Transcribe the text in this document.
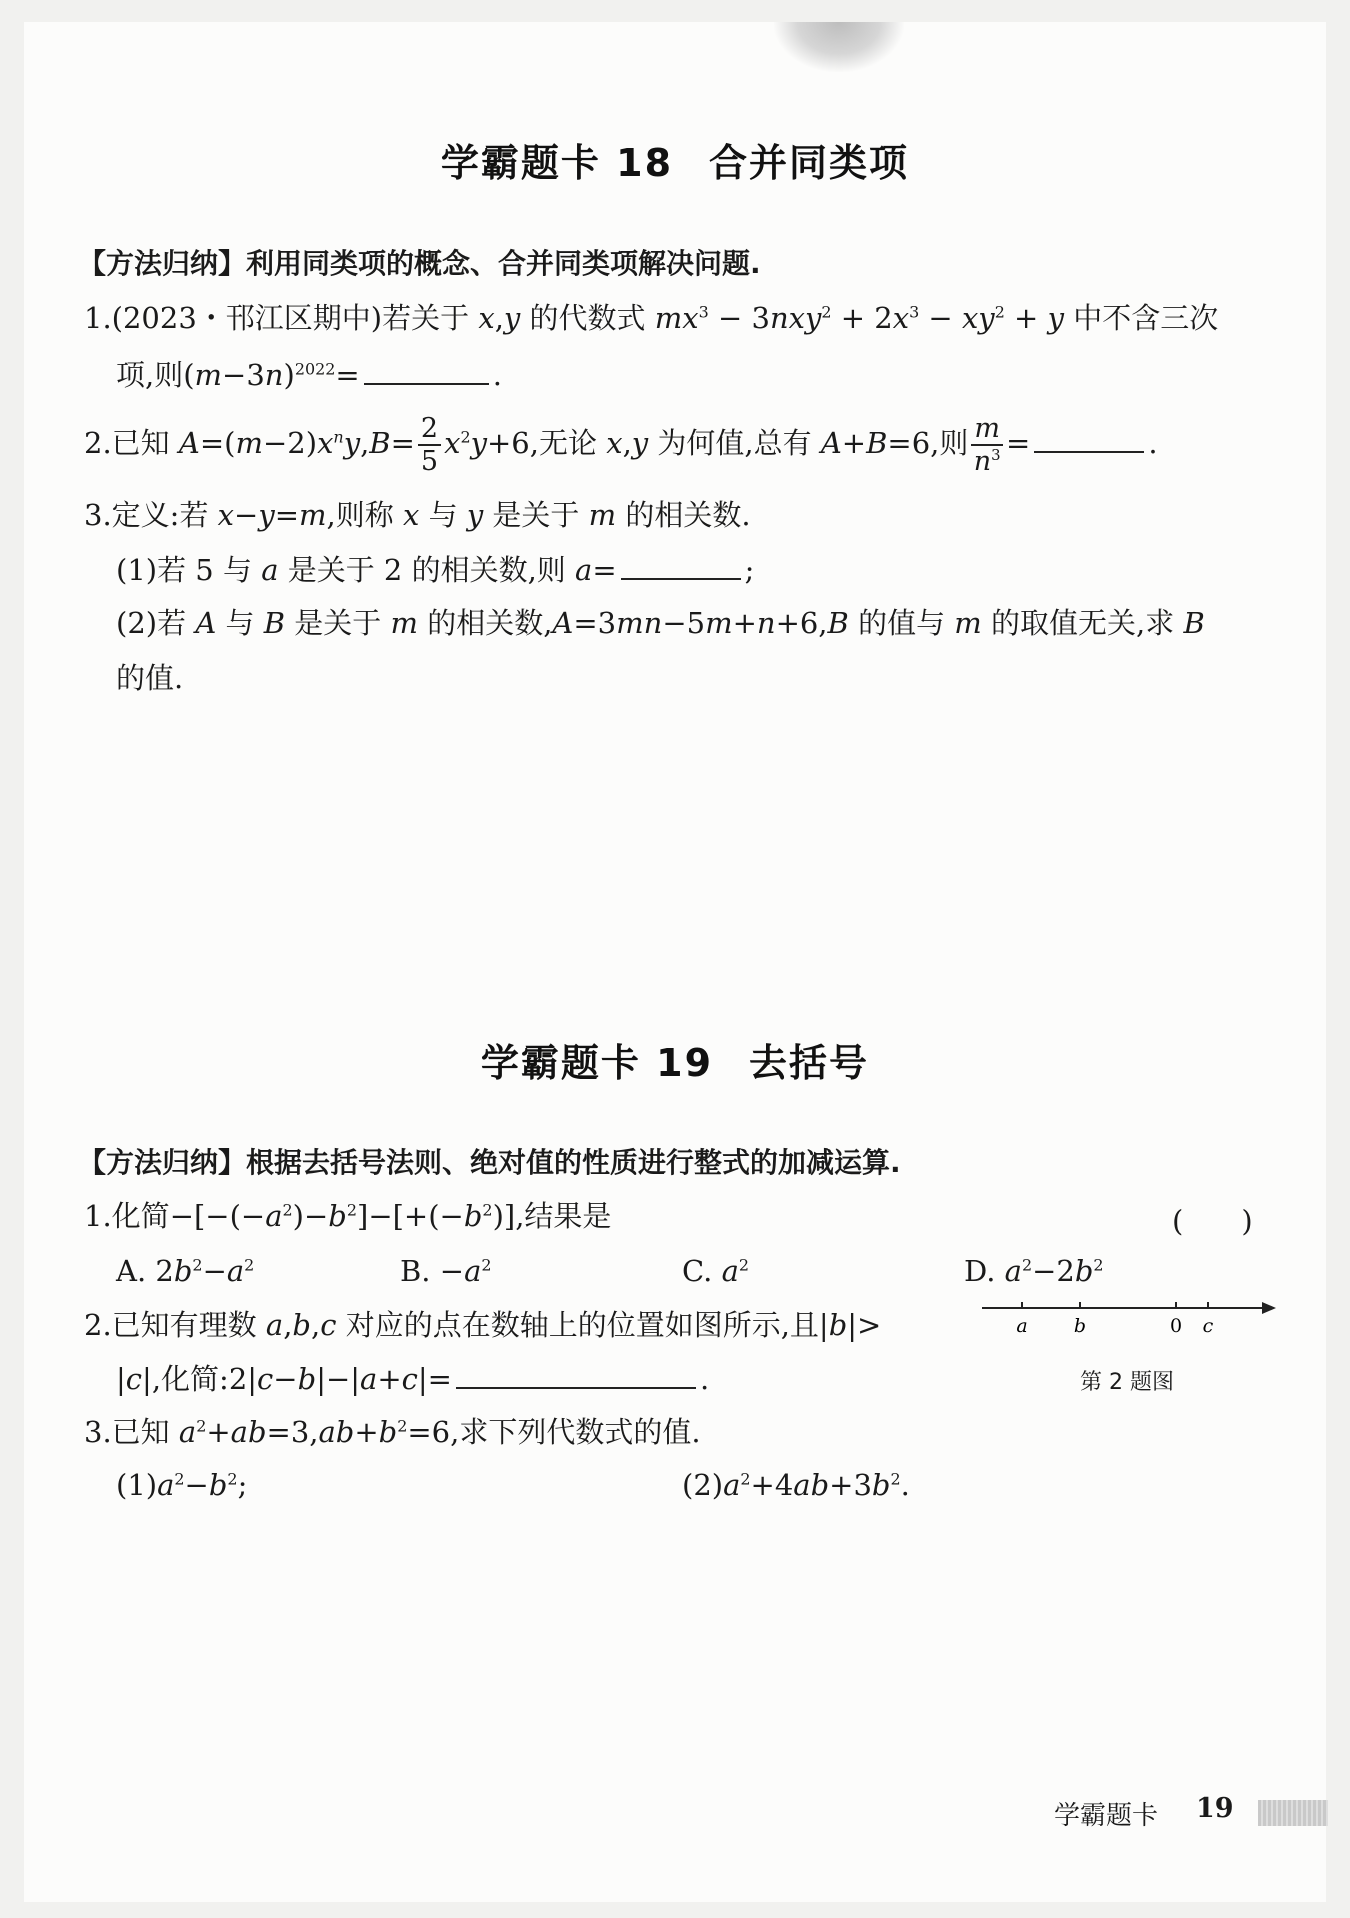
学霸题卡 18 合并同类项
【方法归纳】利用同类项的概念、合并同类项解决问题.
1.(2023・邗江区期中)若关于 x,y 的代数式 $mx^3 - 3nxy^2 + 2x^3 - xy^2 + y$ 中不含三次
项,则$(m-3n)^{2022}=$	.
2.已知 $A=(m-2)x^ny,B= \frac{2}{5} x^2y+6$,无论 x,y 为何值,总有 A+B=6,则 $\frac{m}{n^3}$ =	.
3.定义:若 x−y=m,则称 x 与 y 是关于 m 的相关数.
(1)若 5 与 a 是关于 2 的相关数,则 a=	;
(2)若 A 与 B 是关于 m 的相关数,A=3mn−5m+n+6,B 的值与 m 的取值无关,求 B
的值.
学霸题卡 19 去括号
【方法归纳】根据去括号法则、绝对值的性质进行整式的加减运算.
1.化简$-[-(-a^2)-b^2]-[+(-b^2)]$,结果是	(　　)
A. $2b^2-a^2$	B. $-a^2$	C. $a^2$	D. $a^2-2b^2$
2.已知有理数 a,b,c 对应的点在数轴上的位置如图所示,且|b|>
|c|,化简:2|c−b|−|a+c|=	.
a b	0 c
第 2 题图
3.已知 $a^2+ab=3,ab+b^2=6$,求下列代数式的值.
$(1)a^2-b^2$;	$(2)a^2+4ab+3b^2$.
学霸题卡 19
